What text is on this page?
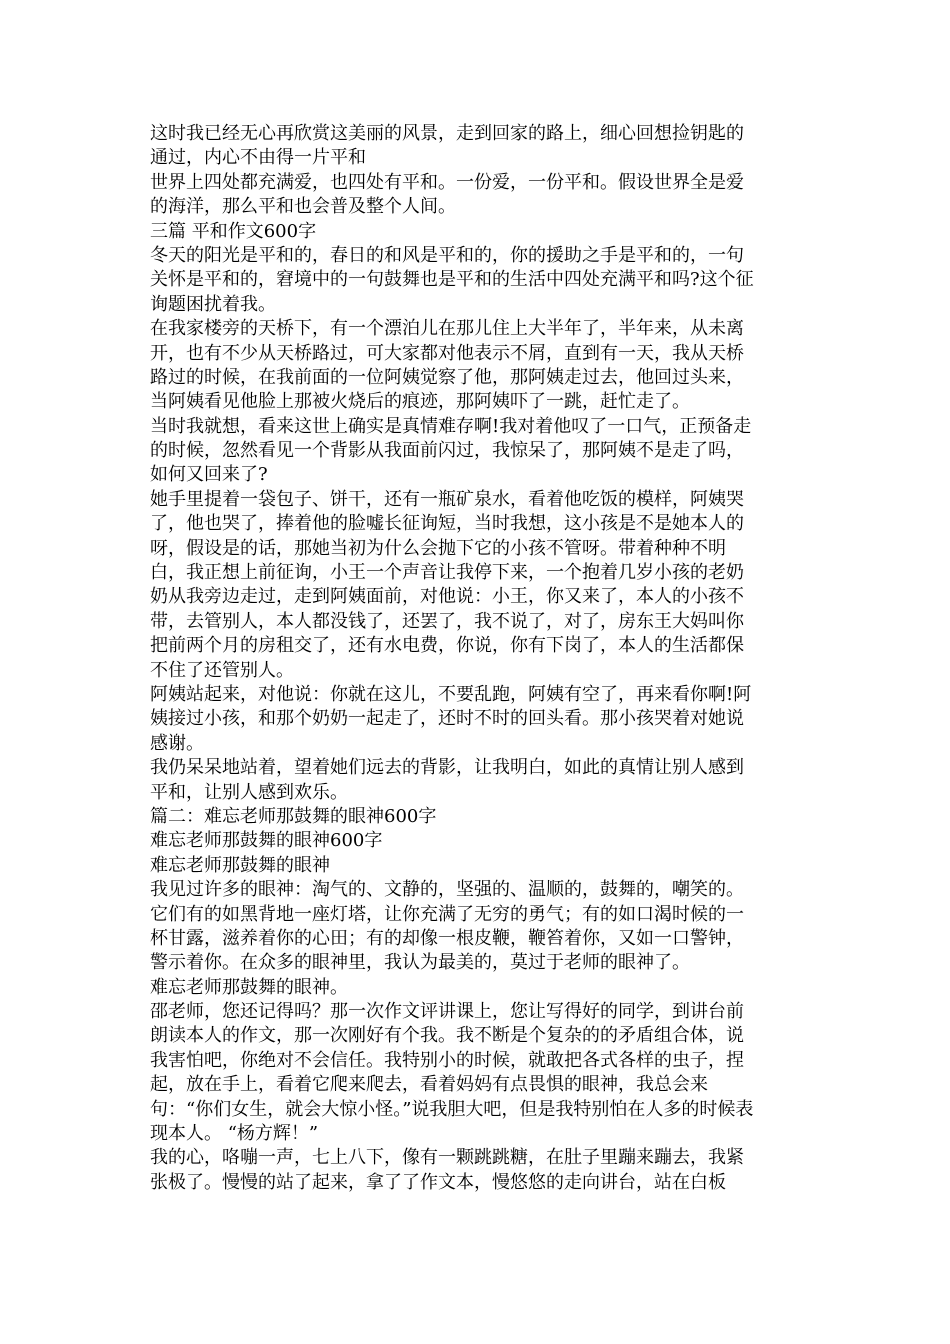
这时我已经无心再欣赏这美丽的风景，走到回家的路上，细心回想捡钥匙的
通过，内心不由得一片平和
世界上四处都充满爱，也四处有平和。一份爱，一份平和。假设世界全是爱
的海洋，那么平和也会普及整个人间。
三篇 平和作文600字
冬天的阳光是平和的，春日的和风是平和的，你的援助之手是平和的，一句
关怀是平和的，窘境中的一句鼓舞也是平和的生活中四处充满平和吗?这个征
询题困扰着我。
在我家楼旁的天桥下，有一个漂泊儿在那儿住上大半年了，半年来，从未离
开，也有不少从天桥路过，可大家都对他表示不屑，直到有一天，我从天桥
路过的时候，在我前面的一位阿姨觉察了他，那阿姨走过去，他回过头来，
当阿姨看见他脸上那被火烧后的痕迹，那阿姨吓了一跳，赶忙走了。
当时我就想，看来这世上确实是真情难存啊!我对着他叹了一口气，正预备走
的时候，忽然看见一个背影从我面前闪过，我惊呆了，那阿姨不是走了吗，
如何又回来了?
她手里提着一袋包子、饼干，还有一瓶矿泉水，看着他吃饭的模样，阿姨哭
了，他也哭了，捧着他的脸嘘长征询短，当时我想，这小孩是不是她本人的
呀，假设是的话，那她当初为什么会抛下它的小孩不管呀。带着种种不明
白，我正想上前征询，小王一个声音让我停下来，一个抱着几岁小孩的老奶
奶从我旁边走过，走到阿姨面前，对他说：小王，你又来了，本人的小孩不
带，去管别人，本人都没钱了，还罢了，我不说了，对了，房东王大妈叫你
把前两个月的房租交了，还有水电费，你说，你有下岗了，本人的生活都保
不住了还管别人。
阿姨站起来，对他说：你就在这儿，不要乱跑，阿姨有空了，再来看你啊!阿
姨接过小孩，和那个奶奶一起走了，还时不时的回头看。那小孩哭着对她说
感谢。
我仍呆呆地站着，望着她们远去的背影，让我明白，如此的真情让别人感到
平和，让别人感到欢乐。
篇二：难忘老师那鼓舞的眼神600字
难忘老师那鼓舞的眼神600字
难忘老师那鼓舞的眼神
我见过许多的眼神：淘气的、文静的，坚强的、温顺的，鼓舞的，嘲笑的。
它们有的如黑背地一座灯塔，让你充满了无穷的勇气；有的如口渴时候的一
杯甘露，滋养着你的心田；有的却像一根皮鞭，鞭笞着你，又如一口警钟，
警示着你。在众多的眼神里，我认为最美的，莫过于老师的眼神了。
难忘老师那鼓舞的眼神。
邵老师，您还记得吗？那一次作文评讲课上，您让写得好的同学，到讲台前
朗读本人的作文，那一次刚好有个我。我不断是个复杂的的矛盾组合体，说
我害怕吧，你绝对不会信任。我特别小的时候，就敢把各式各样的虫子，捏
起，放在手上，看着它爬来爬去，看着妈妈有点畏惧的眼神，我总会来
句：“你们女生，就会大惊小怪。”说我胆大吧，但是我特别怕在人多的时候表
现本人。 “杨方辉！”
我的心，咯嘣一声，七上八下，像有一颗跳跳糖，在肚子里蹦来蹦去，我紧
张极了。慢慢的站了起来，拿了了作文本，慢悠悠的走向讲台，站在白板
